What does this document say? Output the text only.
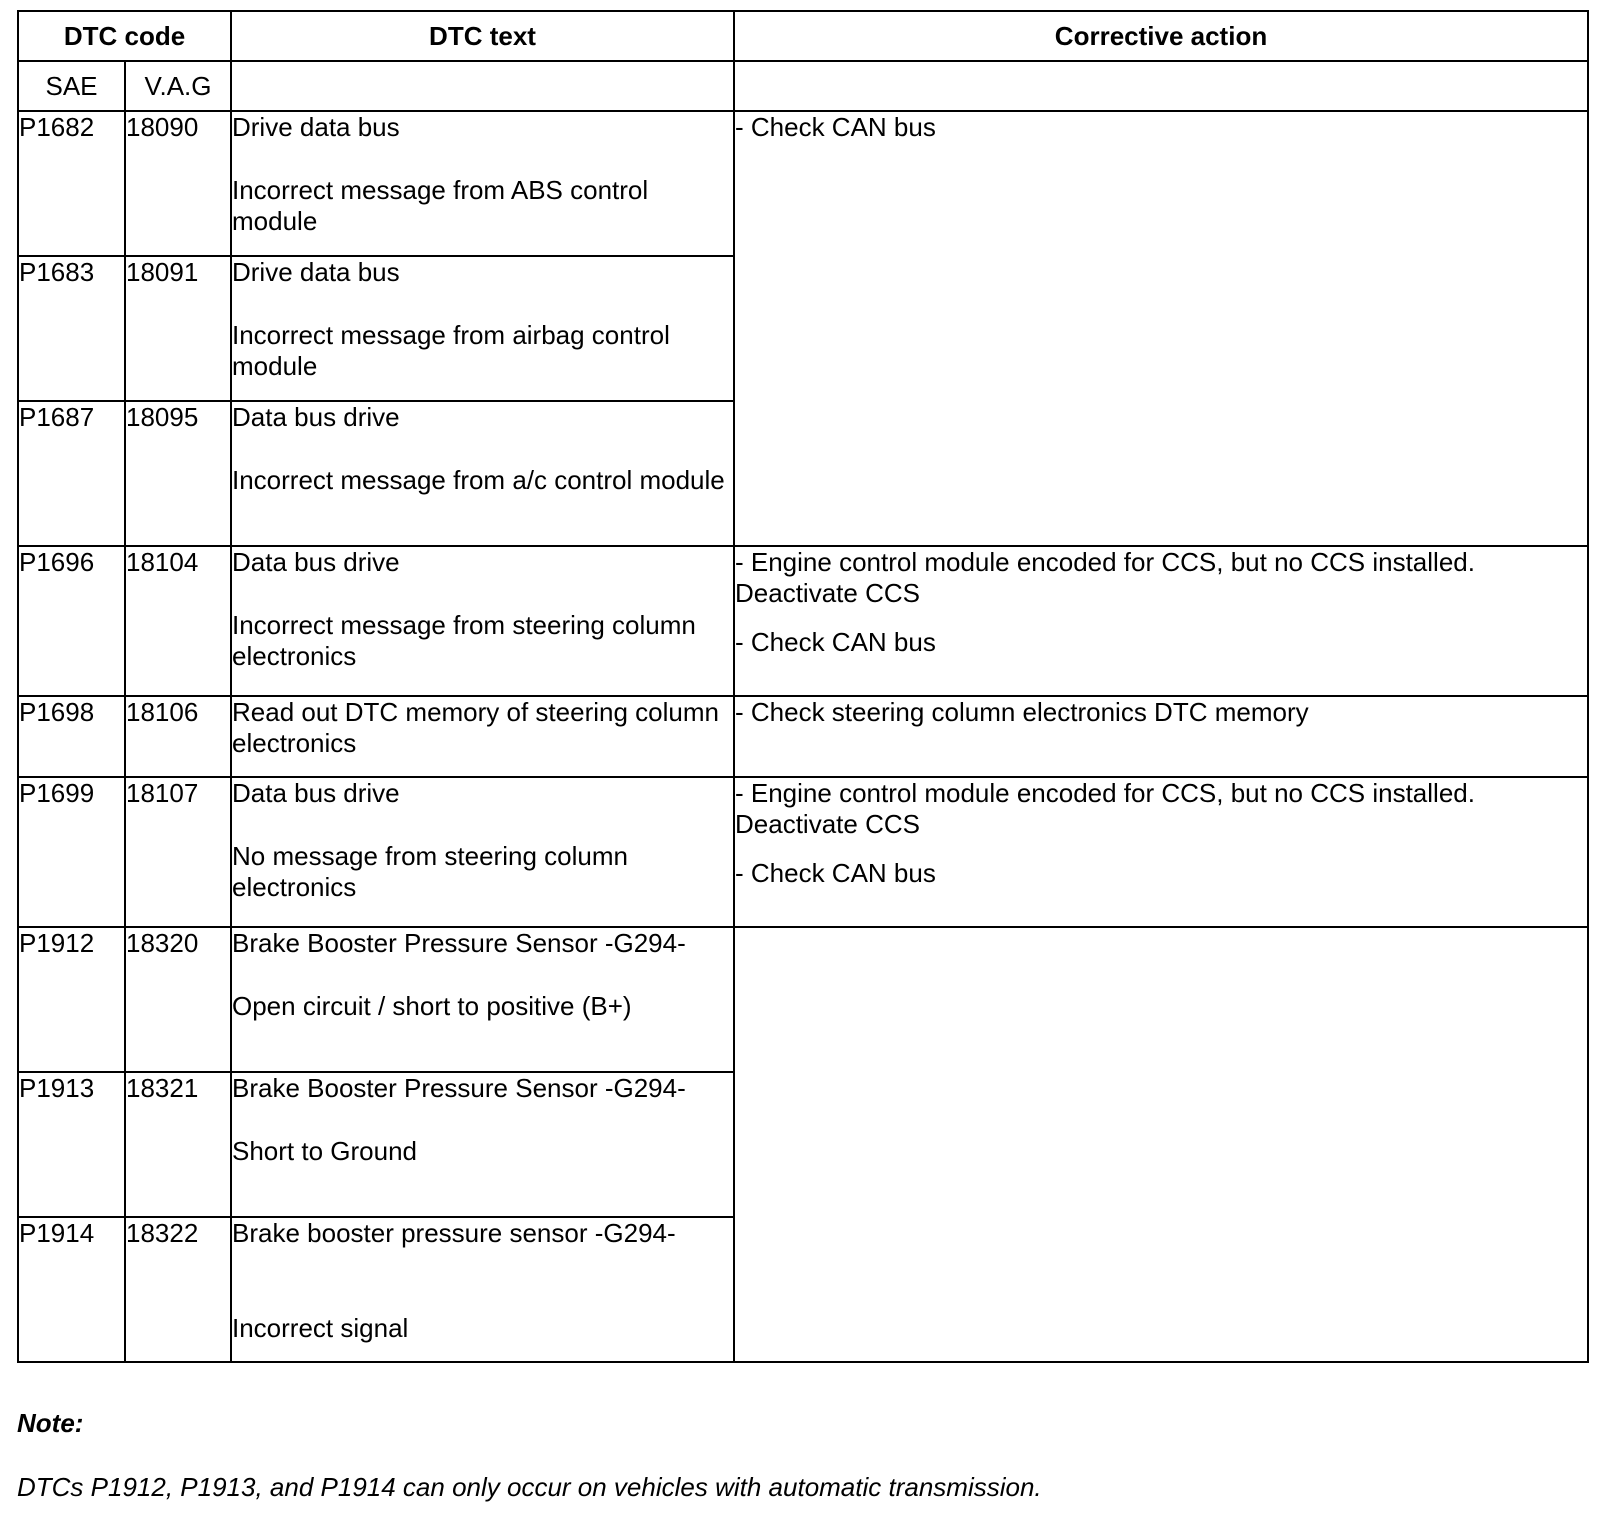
DTC code		DTC text	Corrective action
SAE	V.A.G		
P1682	18090	Drive data bus
Incorrect message from ABS control module	- Check CAN bus

P1683	18091	Drive data bus
Incorrect message from airbag control module	

P1687	18095	Data bus drive
Incorrect message from a/c control module	

P1696	18104	Data bus drive
Incorrect message from steering column electronics	- Engine control module encoded for CCS, but no CCS installed. Deactivate CCS
- Check CAN bus

P1698	18106	Read out DTC memory of steering column electronics	- Check steering column electronics DTC memory

P1699	18107	Data bus drive
No message from steering column electronics	- Engine control module encoded for CCS, but no CCS installed. Deactivate CCS
- Check CAN bus

P1912	18320	Brake Booster Pressure Sensor -G294-
Open circuit / short to positive (B+)	

P1913	18321	Brake Booster Pressure Sensor -G294-
Short to Ground	

P1914	18322	Brake booster pressure sensor -G294-
Incorrect signal	
Note:
DTCs P1912, P1913, and P1914 can only occur on vehicles with automatic transmission.
